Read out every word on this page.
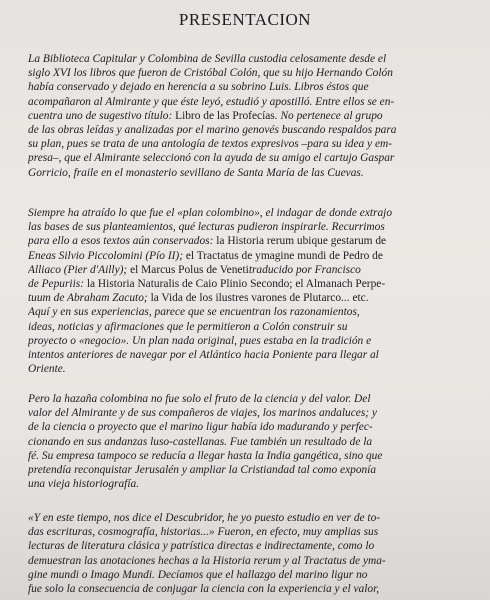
PRESENTACION
La Biblioteca Capitular y Colombina de Sevilla custodia celosamente desde el
siglo XVI los libros que fueron de Cristóbal Colón, que su hijo Hernando Colón
había conservado y dejado en herencia a su sobrino Luis. Libros éstos que
acompañaron al Almirante y que éste leyó, estudió y apostilló. Entre ellos se en-
cuentra uno de sugestivo título: Libro de las Profecías. No pertenece al grupo
de las obras leídas y analizadas por el marino genovés buscando respaldos para
su plan, pues se trata de una antología de textos expresivos –para su idea y em-
presa–, que el Almirante seleccionó con la ayuda de su amigo el cartujo Gaspar
Gorricio, fraile en el monasterio sevillano de Santa María de las Cuevas.
Siempre ha atraído lo que fue el «plan colombino», el indagar de donde extrajo
las bases de sus planteamientos, qué lecturas pudieron inspirarle. Recurrimos
para ello a esos textos aún conservados: la Historia rerum ubique gestarum de
Eneas Silvio Piccolomini (Pío II); el Tractatus de ymagine mundi de Pedro de
Alliaco (Pier d'Ailly); el Marcus Polus de Venetitraducido por Francisco
de Pepuriis: la Historia Naturalis de Caio Plinio Secondo; el Almanach Perpe-
tuum de Abraham Zacuto; la Vida de los ilustres varones de Plutarco... etc.
Aquí y en sus experiencias, parece que se encuentran los razonamientos,
ideas, noticias y afirmaciones que le permitieron a Colón construir su
proyecto o «negocio». Un plan nada original, pues estaba en la tradición e
intentos anteriores de navegar por el Atlántico hacia Poniente para llegar al
Oriente.
Pero la hazaña colombina no fue solo el fruto de la ciencia y del valor. Del
valor del Almirante y de sus compañeros de viajes, los marinos andaluces; y
de la ciencia o proyecto que el marino ligur había ido madurando y perfec-
cionando en sus andanzas luso-castellanas. Fue también un resultado de la
fé. Su empresa tampoco se reducía a llegar hasta la India gangética, sino que
pretendía reconquistar Jerusalén y ampliar la Cristiandad tal como exponía
una vieja historiografía.
«Y en este tiempo, nos dice el Descubridor, he yo puesto estudio en ver de to-
das escrituras, cosmografía, historias...» Fueron, en efecto, muy amplias sus
lecturas de literatura clásica y patrística directas e indirectamente, como lo
demuestran las anotaciones hechas a la Historia rerum y al Tractatus de yma-
gine mundi o Imago Mundi. Decíamos que el hallazgo del marino ligur no
fue solo la consecuencia de conjugar la ciencia con la experiencia y el valor,
